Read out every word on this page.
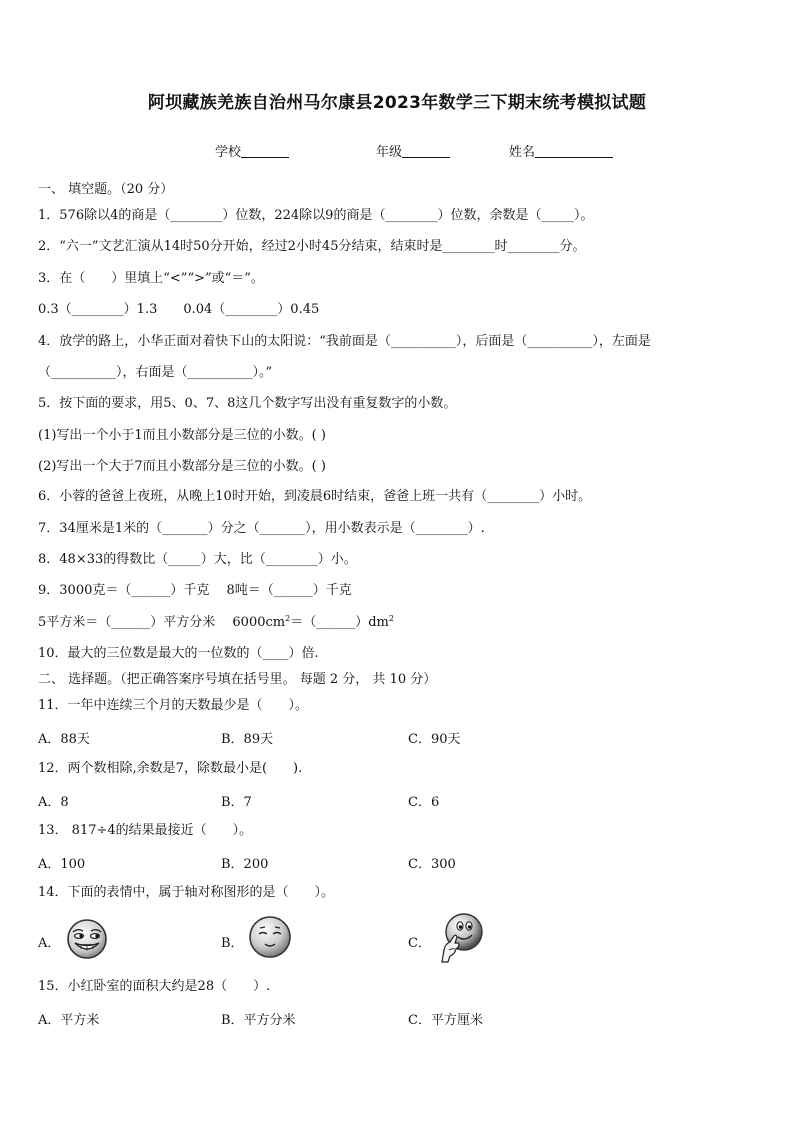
阿坝藏族羌族自治州马尔康县2023年数学三下期末统考模拟试题
学校	年级	姓名
一、 填空题。（20 分）
1．576除以4的商是（________）位数，224除以9的商是（________）位数，余数是（_____）。
2．“六一”文艺汇演从14时50分开始，经过2小时45分结束，结束时是________时________分。
3．在（　　）里填上“<”“>”或“＝”。
0.3（________）1.3　　0.04（________）0.45
4．放学的路上，小华正面对着快下山的太阳说：“我前面是（__________），后面是（__________），左面是
（__________），右面是（__________）。”
5．按下面的要求，用5、0、7、8这几个数字写出没有重复数字的小数。
(1)写出一个小于1而且小数部分是三位的小数。( )
(2)写出一个大于7而且小数部分是三位的小数。( )
6．小蓉的爸爸上夜班，从晚上10时开始，到凌晨6时结束，爸爸上班一共有（________）小时。
7．34厘米是1米的（_______）分之（_______），用小数表示是（________）.
8．48×33的得数比（_____）大，比（________）小。
9．3000克＝（______）千克　 8吨＝（______）千克
5平方米＝（______）平方分米　 $6000cm^2=(\_\_\_\_\_\_)dm^2$
10．最大的三位数是最大的一位数的（____）倍.
二、 选择题。（把正确答案序号填在括号里。 每题 2 分， 共 10 分）
11．一年中连续三个月的天数最少是（　　）。
A．88天	B．89天	C．90天
12．两个数相除,余数是7，除数最小是(　　).
A．8	B．7	C．6
13． 817÷4的结果最接近（　　）。
A．100	B．200	C．300
14．下面的表情中，属于轴对称图形的是（　　）。
A．	B．	C．
15．小红卧室的面积大约是28（　　）.
A．平方米	B．平方分米	C．平方厘米
